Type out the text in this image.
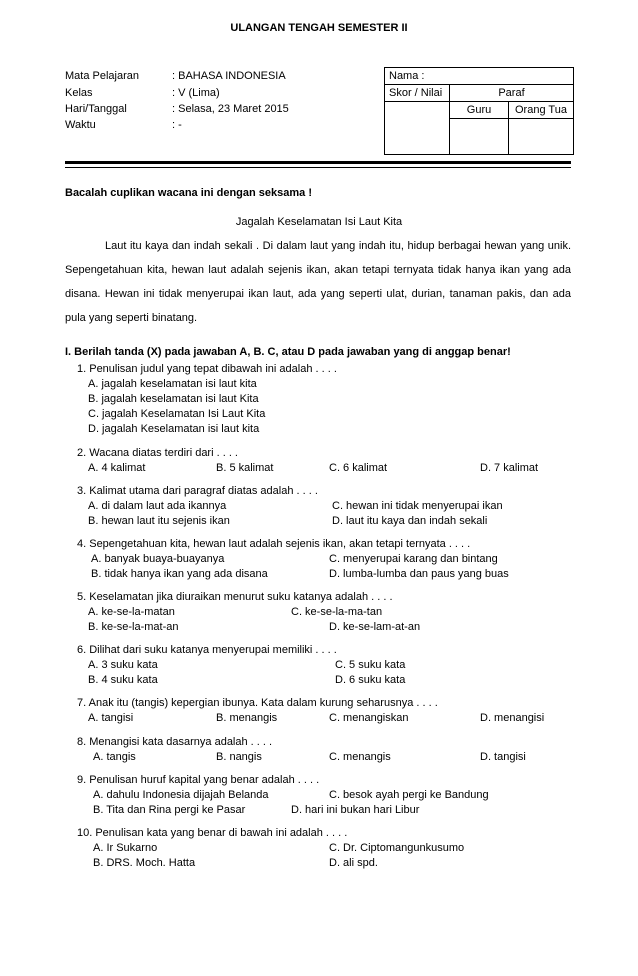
ULANGAN TENGAH SEMESTER II
Mata Pelajaran	: BAHASA INDONESIA
Kelas	: V (Lima)
Hari/Tanggal	: Selasa, 23 Maret 2015
Waktu	: -
Nama :		
Skor / Nilai	Paraf	
	Guru	Orang Tua

Bacalah cuplikan wacana ini dengan seksama !
Jagalah Keselamatan Isi Laut Kita
Laut itu kaya dan indah sekali . Di dalam laut yang indah itu, hidup berbagai hewan yang unik. Sepengetahuan kita, hewan laut adalah sejenis ikan, akan tetapi ternyata tidak hanya ikan yang ada disana. Hewan ini tidak menyerupai ikan laut, ada yang seperti ulat, durian, tanaman pakis, dan ada pula yang seperti binatang.
I. Berilah tanda (X) pada jawaban A, B. C, atau D pada jawaban yang di anggap benar!
1. Penulisan judul yang tepat dibawah ini adalah . . . .
A. jagalah keselamatan isi laut kita
B. jagalah keselamatan isi laut Kita
C. jagalah Keselamatan Isi Laut Kita
D. jagalah Keselamatan isi laut kita
2. Wacana diatas terdiri dari . . . .
A. 4 kalimat	B. 5 kalimat	C. 6 kalimat	D. 7 kalimat
3. Kalimat utama dari paragraf diatas adalah . . . .
A. di dalam laut ada ikannya	C. hewan ini tidak menyerupai ikan
B. hewan laut itu sejenis ikan	D. laut itu kaya dan indah sekali
4. Sepengetahuan kita, hewan laut adalah sejenis ikan, akan tetapi ternyata . . . .
A. banyak buaya-buayanya	C. menyerupai karang dan bintang
B. tidak hanya ikan yang ada disana	D. lumba-lumba dan paus yang buas
5. Keselamatan jika diuraikan menurut suku katanya adalah . . . .
A. ke-se-la-matan	C. ke-se-la-ma-tan
B. ke-se-la-mat-an	D. ke-se-lam-at-an
6. Dilihat dari suku katanya menyerupai memiliki . . . .
A. 3 suku kata	C. 5 suku kata
B. 4 suku kata	D. 6 suku kata
7. Anak itu (tangis) kepergian ibunya. Kata dalam kurung seharusnya . . . .
A. tangisi	B. menangis	C. menangiskan	D. menangisi
8. Menangisi kata dasarnya adalah . . . .
A. tangis	B. nangis	C. menangis	D. tangisi
9. Penulisan huruf kapital yang benar adalah . . . .
A. dahulu Indonesia dijajah Belanda	C. besok ayah pergi ke Bandung
B. Tita dan Rina pergi ke Pasar	D. hari ini bukan hari Libur
10. Penulisan kata yang benar di bawah ini adalah . . . .
A. Ir Sukarno	C. Dr. Ciptomangunkusumo
B. DRS. Moch. Hatta	D. ali spd.
